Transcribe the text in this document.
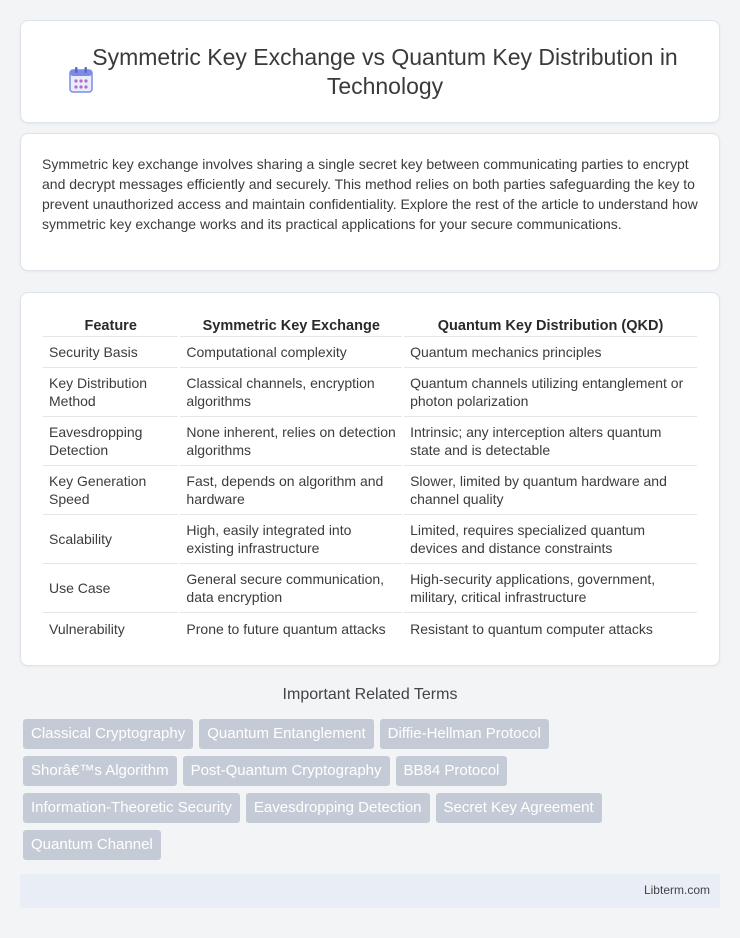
Symmetric Key Exchange vs Quantum Key Distribution in Technology

Symmetric key exchange involves sharing a single secret key between communicating parties to encrypt and decrypt messages efficiently and securely. This method relies on both parties safeguarding the key to prevent unauthorized access and maintain confidentiality. Explore the rest of the article to understand how symmetric key exchange works and its practical applications for your secure communications.

Feature	Symmetric Key Exchange	Quantum Key Distribution (QKD)
Security Basis	Computational complexity	Quantum mechanics principles
Key Distribution Method	Classical channels, encryption algorithms	Quantum channels utilizing entanglement or photon polarization
Eavesdropping Detection	None inherent, relies on detection algorithms	Intrinsic; any interception alters quantum state and is detectable
Key Generation Speed	Fast, depends on algorithm and hardware	Slower, limited by quantum hardware and channel quality
Scalability	High, easily integrated into existing infrastructure	Limited, requires specialized quantum devices and distance constraints
Use Case	General secure communication, data encryption	High-security applications, government, military, critical infrastructure
Vulnerability	Prone to future quantum attacks	Resistant to quantum computer attacks
Important Related Terms
Classical Cryptography	Quantum Entanglement	Diffie-Hellman Protocol
Shorâ€™s Algorithm	Post-Quantum Cryptography	BB84 Protocol
Information-Theoretic Security	Eavesdropping Detection	Secret Key Agreement
Quantum Channel
Libterm.com
